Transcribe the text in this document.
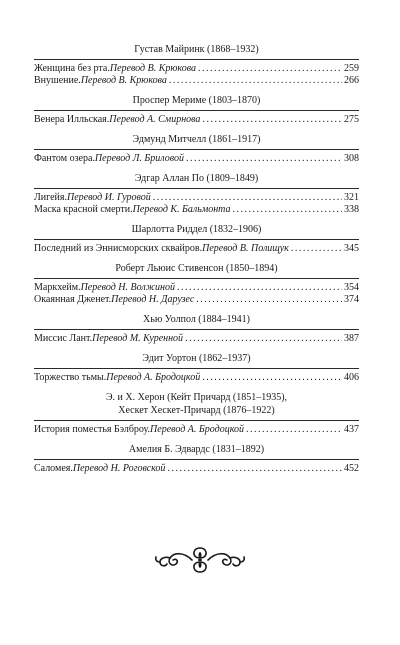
Густав Майринк (1868–1932)
Женщина без рта. Перевод В. Крюкова . . .	259
Внушение. Перевод В. Крюкова . . .	266
Проспер Мериме (1803–1870)
Венера Илльская. Перевод А. Смирнова . . .	275
Эдмунд Митчелл (1861–1917)
Фантом озера. Перевод Л. Бриловой . . .	308
Эдгар Аллан По (1809–1849)
Лигейя. Перевод И. Гуровой . . .	321
Маска красной смерти. Перевод К. Бальмонта . . .	338
Шарлотта Риддел (1832–1906)
Последний из Эннисморских сквайров. Перевод В. Полищук . . .	345
Роберт Льюис Стивенсон (1850–1894)
Маркхейм. Перевод Н. Волжиной . . .	354
Окаянная Дженет. Перевод Н. Дарузес . . .	374
Хью Уолпол (1884–1941)
Миссис Лант. Перевод М. Куренной . . .	387
Эдит Уортон (1862–1937)
Торжество тьмы. Перевод А. Бродоцкой . . .	406
Э. и Х. Херон (Кейт Причард (1851–1935),
Хескет Хескет-Причард (1876–1922)
История поместья Бэлброу. Перевод А. Бродоцкой . . .	437
Амелия Б. Эдвардс (1831–1892)
Саломея. Перевод Н. Роговской . . .	452
